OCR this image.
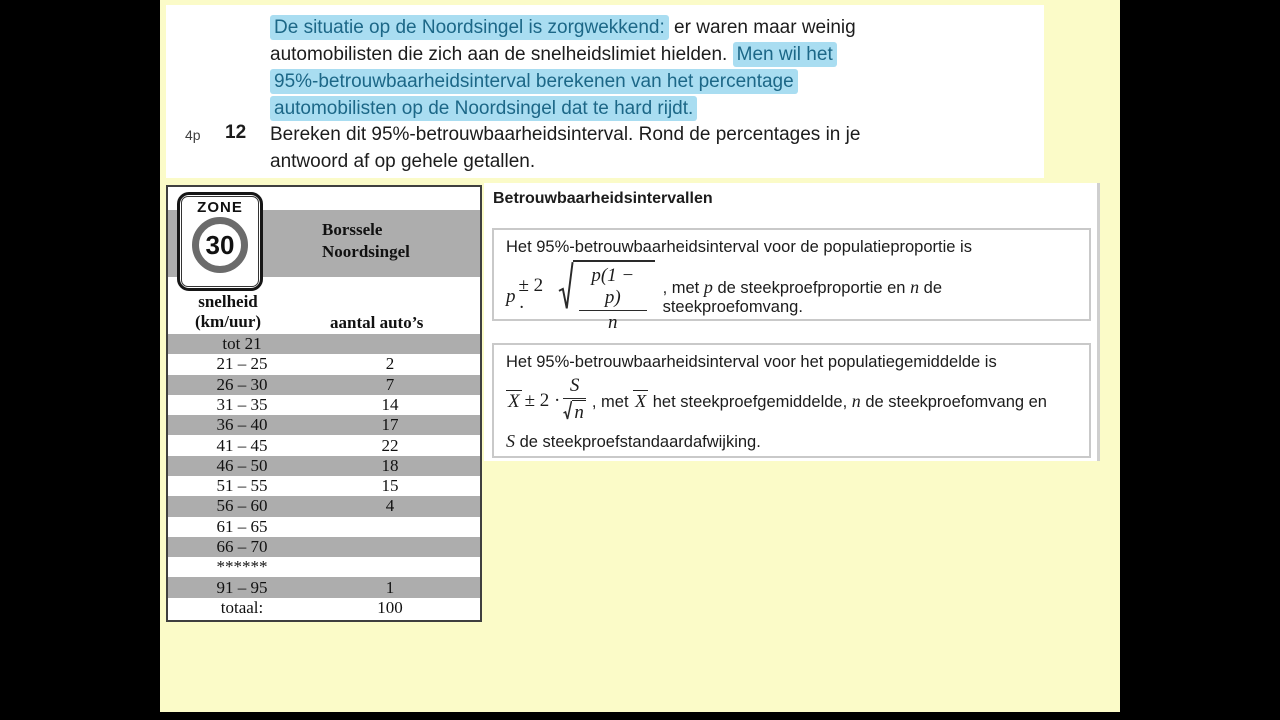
De situatie op de Noordsingel is zorgwekkend: er waren maar weinig
automobilisten die zich aan de snelheidslimiet hielden. Men wil het
95%-betrouwbaarheidsinterval berekenen van het percentage
automobilisten op de Noordsingel dat te hard rijdt.
4p	12	Bereken dit 95%-betrouwbaarheidsinterval. Rond de percentages in je
antwoord af op gehele getallen.
ZONE
30	Borssele
Noordsingel
snelheid
(km/uur)	aantal auto’s
tot 21
21 – 25	2
26 – 30	7
31 – 35	14
36 – 40	17
41 – 45	22
46 – 50	18
51 – 55	15
56 – 60	4
61 – 65
66 – 70
******
91 – 95	1
totaal:	100
Betrouwbaarheidsintervallen
Het 95%-betrouwbaarheidsinterval voor de populatieproportie is
p
± 2 ·	$\frac{p(1 - p)}{n}$ , met p de steekproefproportie en n de steekproefomvang.
Het 95%-betrouwbaarheidsinterval voor het populatiegemiddelde is
$X \pm 2 \cdot \frac{S}{n}$ , met X het steekproefgemiddelde, n de steekproefomvang en
S de steekproefstandaardafwijking.
